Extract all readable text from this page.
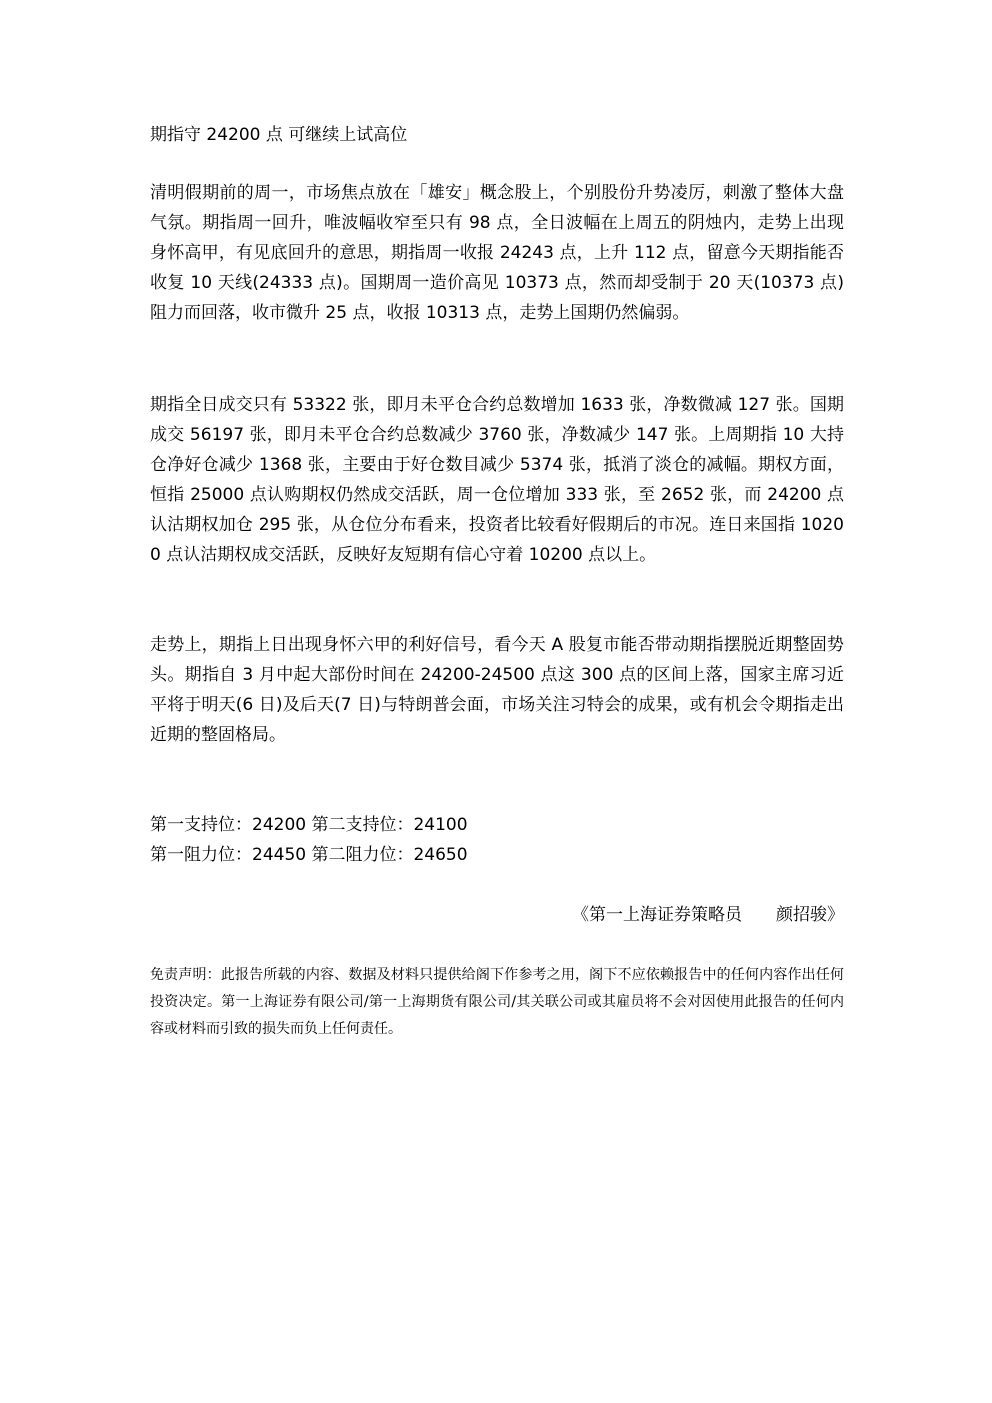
期指守 24200 点 可继续上试高位

清明假期前的周一，市场焦点放在「雄安」概念股上，个别股份升势凌厉，刺激了整体大盘气氛。期指周一回升，唯波幅收窄至只有 98 点，全日波幅在上周五的阴烛内，走势上出现身怀高甲，有见底回升的意思，期指周一收报 24243 点，上升 112 点，留意今天期指能否收复 10 天线(24333 点)。国期周一造价高见 10373 点，然而却受制于 20 天(10373 点)阻力而回落，收市微升 25 点，收报 10313 点，走势上国期仍然偏弱。

期指全日成交只有 53322 张，即月未平仓合约总数增加 1633 张，净数微减 127 张。国期成交 56197 张，即月未平仓合约总数减少 3760 张，净数减少 147 张。上周期指 10 大持仓净好仓减少 1368 张，主要由于好仓数目减少 5374 张，抵消了淡仓的减幅。期权方面，恒指 25000 点认购期权仍然成交活跃，周一仓位增加 333 张，至 2652 张，而 24200 点认沽期权加仓 295 张，从仓位分布看来，投资者比较看好假期后的市况。连日来国指 10200 点认沽期权成交活跃，反映好友短期有信心守着 10200 点以上。

走势上，期指上日出现身怀六甲的利好信号，看今天 A 股复市能否带动期指摆脱近期整固势头。期指自 3 月中起大部份时间在 24200-24500 点这 300 点的区间上落，国家主席习近平将于明天(6 日)及后天(7 日)与特朗普会面，市场关注习特会的成果，或有机会令期指走出近期的整固格局。

第一支持位：24200 第二支持位：24100

第一阻力位：24450 第二阻力位：24650

《第一上海证券策略员　　颜招骏》

免责声明：此报告所载的内容、数据及材料只提供给阁下作参考之用，阁下不应依赖报告中的任何内容作出任何投资决定。第一上海证券有限公司/第一上海期货有限公司/其关联公司或其雇员将不会对因使用此报告的任何内容或材料而引致的损失而负上任何责任。
